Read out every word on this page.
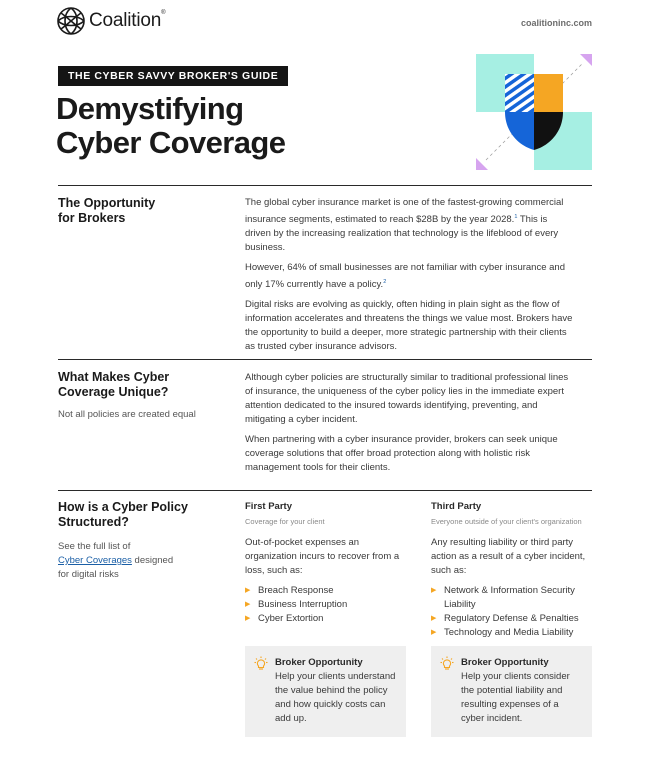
Coalition®
coalitioninc.com
THE CYBER SAVVY BROKER'S GUIDE
Demystifying
Cyber Coverage
The Opportunity
for Brokers

The global cyber insurance market is one of the fastest-growing commercial insurance segments, estimated to reach $28B by the year 2028.$^1$ This is driven by the increasing realization that technology is the lifeblood of every business.

However, 64% of small businesses are not familiar with cyber insurance and only 17% currently have a policy.$^2$

Digital risks are evolving as quickly, often hiding in plain sight as the flow of information accelerates and threatens the things we value most. Brokers have the opportunity to build a deeper, more strategic partnership with their clients as trusted cyber insurance advisors.

What Makes Cyber
Coverage Unique?
Not all policies are created equal

Although cyber policies are structurally similar to traditional professional lines of insurance, the uniqueness of the cyber policy lies in the immediate expert attention dedicated to the insured towards identifying, preventing, and mitigating a cyber incident.

When partnering with a cyber insurance provider, brokers can seek unique coverage solutions that offer broad protection along with holistic risk management tools for their clients.

How is a Cyber Policy
Structured?
See the full list of
Cyber Coverages designed
for digital risks
First Party
Coverage for your client
Out-of-pocket expenses an organization incurs to recover from a loss, such as:
▶ Breach Response
▶ Business Interruption
▶ Cyber Extortion
Third Party
Everyone outside of your client's organization
Any resulting liability or third party action as a result of a cyber incident, such as:
▶ Network & Information Security Liability
▶ Regulatory Defense & Penalties
▶ Technology and Media Liability
Broker Opportunity
Help your clients understand the value behind the policy and how quickly costs can add up.
Broker Opportunity
Help your clients consider the potential liability and resulting expenses of a cyber incident.
